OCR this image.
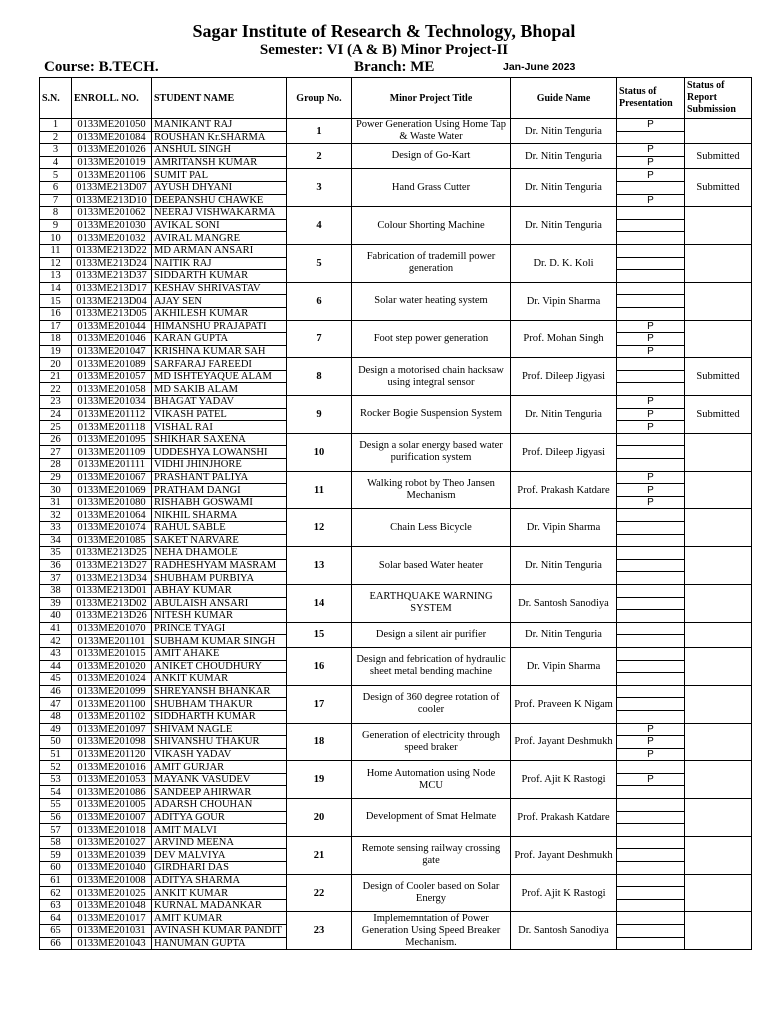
Sagar Institute of Research & Technology, Bhopal
Semester: VI (A & B) Minor Project-II
Course: B.TECH.	Branch: ME	Jan-June 2023
S.N.	ENROLL. NO.	STUDENT NAME	Group No.	Minor Project Title	Guide Name	Status of Presentation	Status of Report Submission
1	0133ME201050	MANIKANT RAJ	1	Power Generation Using Home Tap & Waste Water	Dr. Nitin Tenguria	P	
2	0133ME201084	ROUSHAN Kr.SHARMA					
3	0133ME201026	ANSHUL SINGH	2	Design of Go-Kart	Dr. Nitin Tenguria	P	Submitted
4	0133ME201019	AMRITANSH KUMAR				P	
5	0133ME201106	SUMIT PAL	3	Hand Grass Cutter	Dr. Nitin Tenguria	P	Submitted
6	0133ME213D07	AYUSH DHYANI					
7	0133ME213D10	DEEPANSHU CHAWKE				P	
8	0133ME201062	NEERAJ VISHWAKARMA	4	Colour Shorting Machine	Dr. Nitin Tenguria		
9	0133ME201030	AVIKAL SONI					
10	0133ME201032	AVIRAL MANGRE					
11	0133ME213D22	MD ARMAN ANSARI	5	Fabrication of trademill power generation	Dr. D. K. Koli		
12	0133ME213D24	NAITIK RAJ					
13	0133ME213D37	SIDDARTH KUMAR					
14	0133ME213D17	KESHAV SHRIVASTAV	6	Solar water heating system	Dr. Vipin Sharma		
15	0133ME213D04	AJAY SEN					
16	0133ME213D05	AKHILESH KUMAR					
17	0133ME201044	HIMANSHU PRAJAPATI	7	Foot step power generation	Prof. Mohan Singh	P	
18	0133ME201046	KARAN GUPTA				P	
19	0133ME201047	KRISHNA KUMAR SAH				P	
20	0133ME201089	SARFARAJ FAREEDI	8	Design a motorised chain hacksaw using integral sensor	Prof. Dileep Jigyasi		Submitted
21	0133ME201057	MD ISHTEYAQUE ALAM					
22	0133ME201058	MD SAKIB ALAM					
23	0133ME201034	BHAGAT YADAV	9	Rocker Bogie Suspension System	Dr. Nitin Tenguria	P	Submitted
24	0133ME201112	VIKASH PATEL				P	
25	0133ME201118	VISHAL RAI				P	
26	0133ME201095	SHIKHAR SAXENA	10	Design a solar energy based water purification system	Prof. Dileep Jigyasi		
27	0133ME201109	UDDESHYA LOWANSHI					
28	0133ME201111	VIDHI JHINJHORE					
29	0133ME201067	PRASHANT PALIYA	11	Walking robot by Theo Jansen Mechanism	Prof. Prakash Katdare	P	
30	0133ME201069	PRATHAM DANGI				P	
31	0133ME201080	RISHABH GOSWAMI				P	
32	0133ME201064	NIKHIL SHARMA	12	Chain Less Bicycle	Dr. Vipin Sharma		
33	0133ME201074	RAHUL SABLE					
34	0133ME201085	SAKET NARVARE					
35	0133ME213D25	NEHA DHAMOLE	13	Solar based Water heater	Dr. Nitin Tenguria		
36	0133ME213D27	RADHESHYAM MASRAM					
37	0133ME213D34	SHUBHAM PURBIYA					
38	0133ME213D01	ABHAY KUMAR	14	EARTHQUAKE WARNING SYSTEM	Dr. Santosh Sanodiya		
39	0133ME213D02	ABULAISH ANSARI					
40	0133ME213D26	NITESH KUMAR					
41	0133ME201070	PRINCE TYAGI	15	Design a silent air purifier	Dr. Nitin Tenguria		
42	0133ME201101	SUBHAM KUMAR SINGH					
43	0133ME201015	AMIT AHAKE	16	Design and febrication of hydraulic sheet metal bending machine	Dr. Vipin Sharma		
44	0133ME201020	ANIKET CHOUDHURY					
45	0133ME201024	ANKIT KUMAR					
46	0133ME201099	SHREYANSH BHANKAR	17	Design of 360 degree rotation of cooler	Prof. Praveen K Nigam		
47	0133ME201100	SHUBHAM THAKUR					
48	0133ME201102	SIDDHARTH KUMAR					
49	0133ME201097	SHIVAM NAGLE	18	Generation of electricity through speed braker	Prof. Jayant Deshmukh	P	
50	0133ME201098	SHIVANSHU THAKUR				P	
51	0133ME201120	VIKASH YADAV				P	
52	0133ME201016	AMIT GURJAR	19	Home Automation using Node MCU	Prof. Ajit K Rastogi		
53	0133ME201053	MAYANK VASUDEV				P	
54	0133ME201086	SANDEEP AHIRWAR					
55	0133ME201005	ADARSH CHOUHAN	20	Development of Smat Helmate	Prof. Prakash Katdare		
56	0133ME201007	ADITYA GOUR					
57	0133ME201018	AMIT MALVI					
58	0133ME201027	ARVIND MEENA	21	Remote sensing railway crossing gate	Prof. Jayant Deshmukh		
59	0133ME201039	DEV MALVIYA					
60	0133ME201040	GIRDHARI DAS					
61	0133ME201008	ADITYA SHARMA	22	Design of Cooler based on Solar Energy	Prof. Ajit K Rastogi		
62	0133ME201025	ANKIT KUMAR					
63	0133ME201048	KURNAL MADANKAR					
64	0133ME201017	AMIT KUMAR	23	Implememntation of Power Generation Using Speed Breaker Mechanism.	Dr. Santosh Sanodiya		
65	0133ME201031	AVINASH KUMAR PANDIT					
66	0133ME201043	HANUMAN GUPTA					
